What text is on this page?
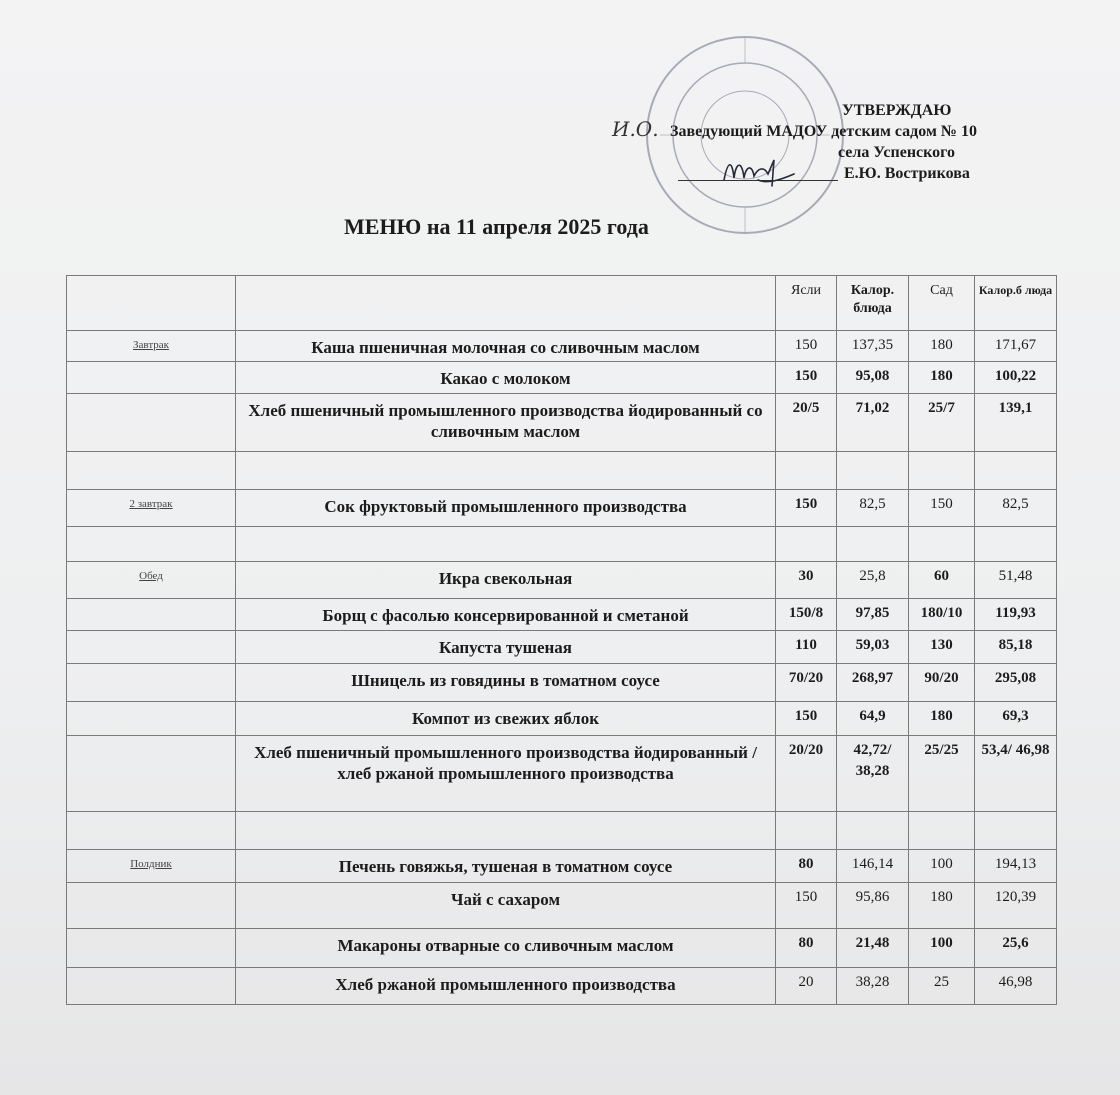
И.О.
УТВЕРЖДАЮ
Заведующий МАДОУ детским садом № 10
села Успенского
Е.Ю. Вострикова
МЕНЮ на 11 апреля 2025 года
		Ясли	Калор. блюда	Сад	Калор.б люда
Завтрак	Каша пшеничная молочная со сливочным маслом	150	137,35	180	171,67
	Какао с молоком	150	95,08	180	100,22
	Хлеб пшеничный промышленного производства йодированный со сливочным маслом	20/5	71,02	25/7	139,1

2 завтрак	Сок фруктовый промышленного производства	150	82,5	150	82,5

Обед	Икра свекольная	30	25,8	60	51,48
	Борщ с фасолью консервированной и сметаной	150/8	97,85	180/10	119,93
	Капуста тушеная	110	59,03	130	85,18
	Шницель из говядины в томатном соусе	70/20	268,97	90/20	295,08
	Компот из свежих яблок	150	64,9	180	69,3
	Хлеб пшеничный промышленного производства йодированный /хлеб ржаной промышленного производства	20/20	42,72/ 38,28	25/25	53,4/ 46,98

Полдник	Печень говяжья, тушеная в томатном соусе	80	146,14	100	194,13
	Чай с сахаром	150	95,86	180	120,39
	Макароны отварные со сливочным маслом	80	21,48	100	25,6
	Хлеб ржаной промышленного производства	20	38,28	25	46,98
